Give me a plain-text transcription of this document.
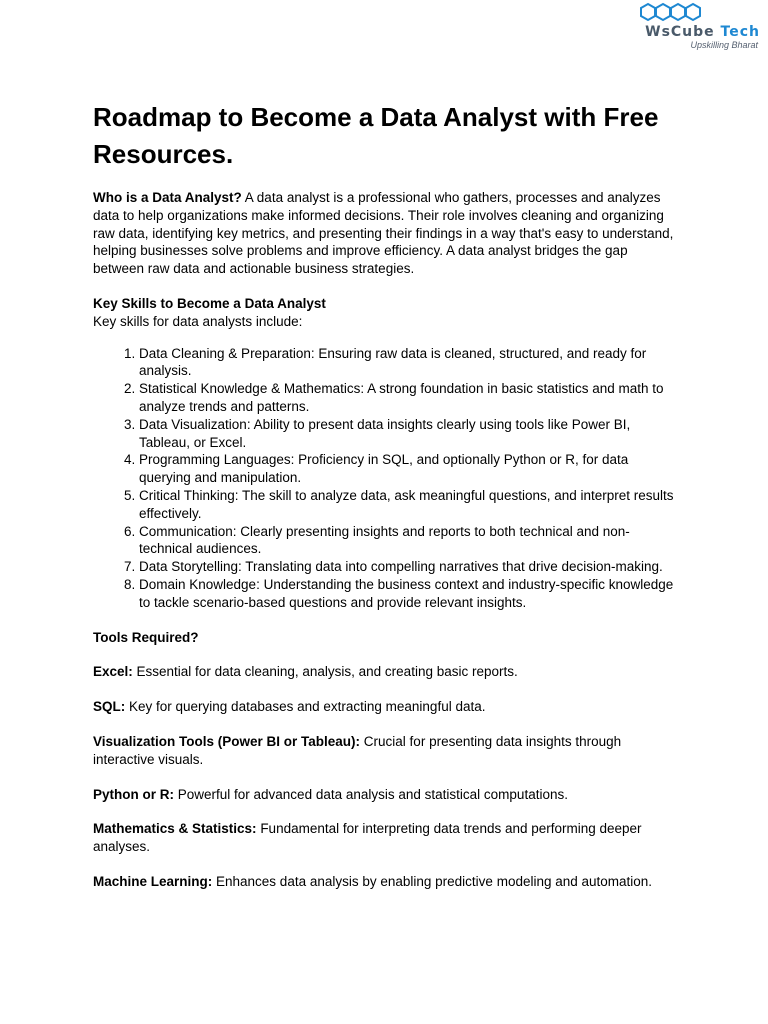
WsCube Tech
Upskilling Bharat
Roadmap to Become a Data Analyst with Free Resources.

Who is a Data Analyst? A data analyst is a professional who gathers, processes and analyzes data to help organizations make informed decisions. Their role involves cleaning and organizing raw data, identifying key metrics, and presenting their findings in a way that's easy to understand, helping businesses solve problems and improve efficiency. A data analyst bridges the gap between raw data and actionable business strategies.

Key Skills to Become a Data Analyst

Key skills for data analysts include:

1. Data Cleaning & Preparation: Ensuring raw data is cleaned, structured, and ready for analysis.
2. Statistical Knowledge & Mathematics: A strong foundation in basic statistics and math to analyze trends and patterns.
3. Data Visualization: Ability to present data insights clearly using tools like Power BI, Tableau, or Excel.
4. Programming Languages: Proficiency in SQL, and optionally Python or R, for data querying and manipulation.
5. Critical Thinking: The skill to analyze data, ask meaningful questions, and interpret results effectively.
6. Communication: Clearly presenting insights and reports to both technical and non-technical audiences.
7. Data Storytelling: Translating data into compelling narratives that drive decision-making.
8. Domain Knowledge: Understanding the business context and industry-specific knowledge to tackle scenario-based questions and provide relevant insights.

Tools Required?

Excel: Essential for data cleaning, analysis, and creating basic reports.

SQL: Key for querying databases and extracting meaningful data.

Visualization Tools (Power BI or Tableau): Crucial for presenting data insights through interactive visuals.

Python or R: Powerful for advanced data analysis and statistical computations.

Mathematics & Statistics: Fundamental for interpreting data trends and performing deeper analyses.

Machine Learning: Enhances data analysis by enabling predictive modeling and automation.
